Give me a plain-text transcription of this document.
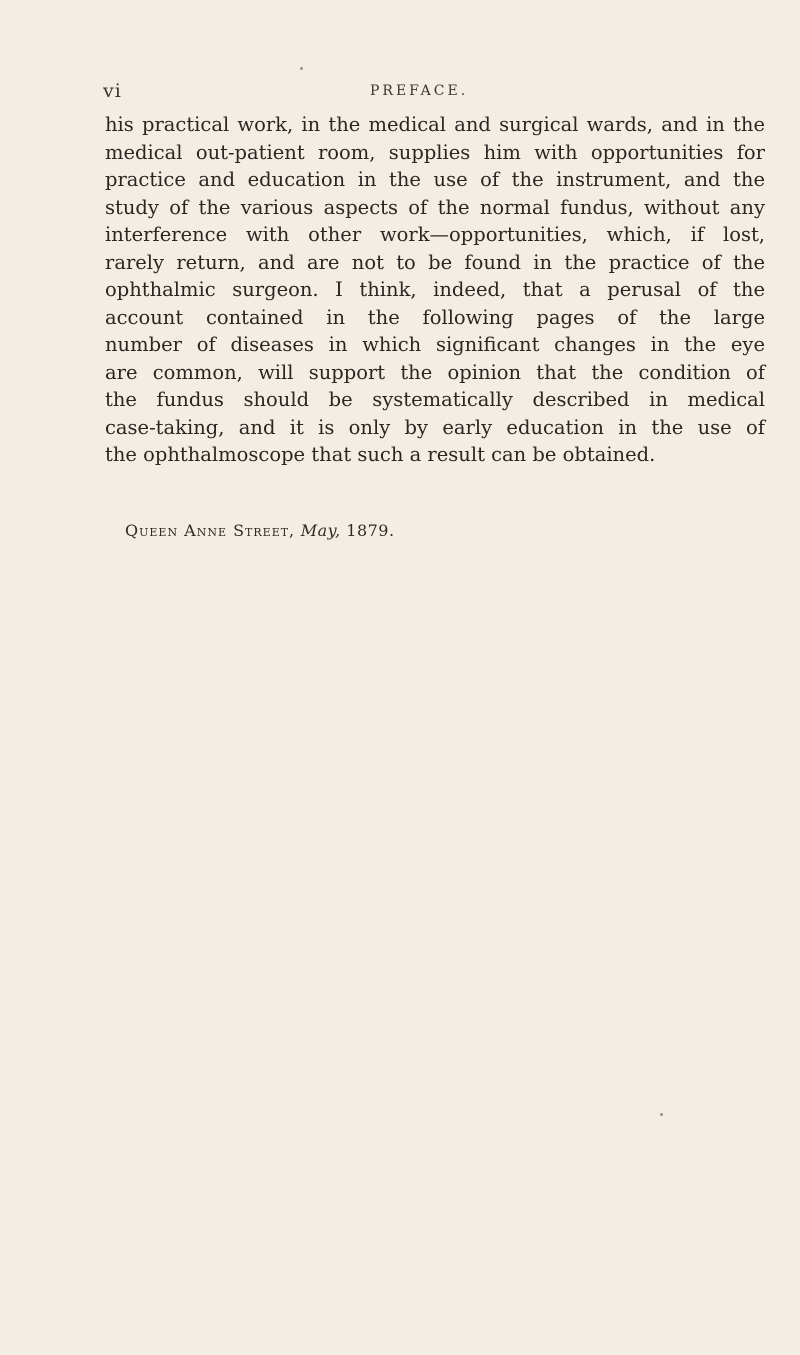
vi	PREFACE.
his practical work, in the medical and surgical wards, and in the
medical out-patient room, supplies him with opportunities for
practice and education in the use of the instrument, and the
study of the various aspects of the normal fundus, without any
interference with other work—opportunities, which, if lost,
rarely return, and are not to be found in the practice of the
ophthalmic surgeon. I think, indeed, that a perusal of the
account contained in the following pages of the large
number of diseases in which significant changes in the eye
are common, will support the opinion that the condition of
the fundus should be systematically described in medical
case-taking, and it is only by early education in the use of
the ophthalmoscope that such a result can be obtained.
Queen Anne Street, May, 1879.
